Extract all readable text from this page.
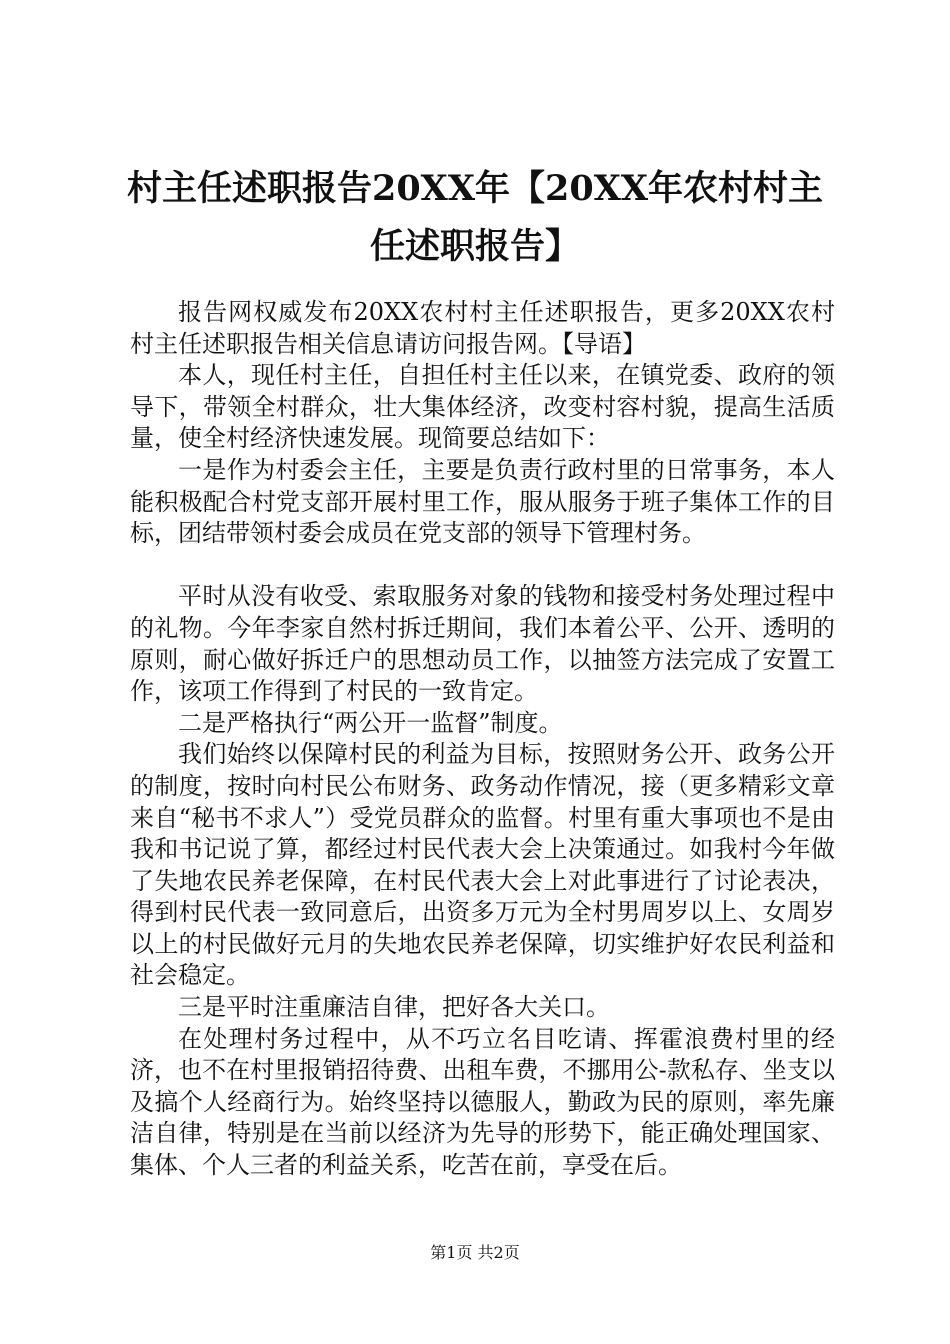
村主任述职报告20XX年【20XX年农村村主任述职报告】

报告网权威发布20XX农村村主任述职报告，更多20XX农村村主任述职报告相关信息请访问报告网。【导语】

本人，现任村主任，自担任村主任以来，在镇党委、政府的领导下，带领全村群众，壮大集体经济，改变村容村貌，提高生活质量，使全村经济快速发展。现简要总结如下：

一是作为村委会主任，主要是负责行政村里的日常事务，本人能积极配合村党支部开展村里工作，服从服务于班子集体工作的目标，团结带领村委会成员在党支部的领导下管理村务。

平时从没有收受、索取服务对象的钱物和接受村务处理过程中的礼物。今年李家自然村拆迁期间，我们本着公平、公开、透明的原则，耐心做好拆迁户的思想动员工作，以抽签方法完成了安置工作，该项工作得到了村民的一致肯定。

二是严格执行“两公开一监督”制度。

我们始终以保障村民的利益为目标，按照财务公开、政务公开的制度，按时向村民公布财务、政务动作情况，接（更多精彩文章来自“秘书不求人”）受党员群众的监督。村里有重大事项也不是由我和书记说了算，都经过村民代表大会上决策通过。如我村今年做了失地农民养老保障，在村民代表大会上对此事进行了讨论表决，得到村民代表一致同意后，出资多万元为全村男周岁以上、女周岁以上的村民做好元月的失地农民养老保障，切实维护好农民利益和社会稳定。

三是平时注重廉洁自律，把好各大关口。

在处理村务过程中，从不巧立名目吃请、挥霍浪费村里的经济，也不在村里报销招待费、出租车费，不挪用公-款私存、坐支以及搞个人经商行为。始终坚持以德服人，勤政为民的原则，率先廉洁自律，特别是在当前以经济为先导的形势下，能正确处理国家、集体、个人三者的利益关系，吃苦在前，享受在后。

第1页 共2页
